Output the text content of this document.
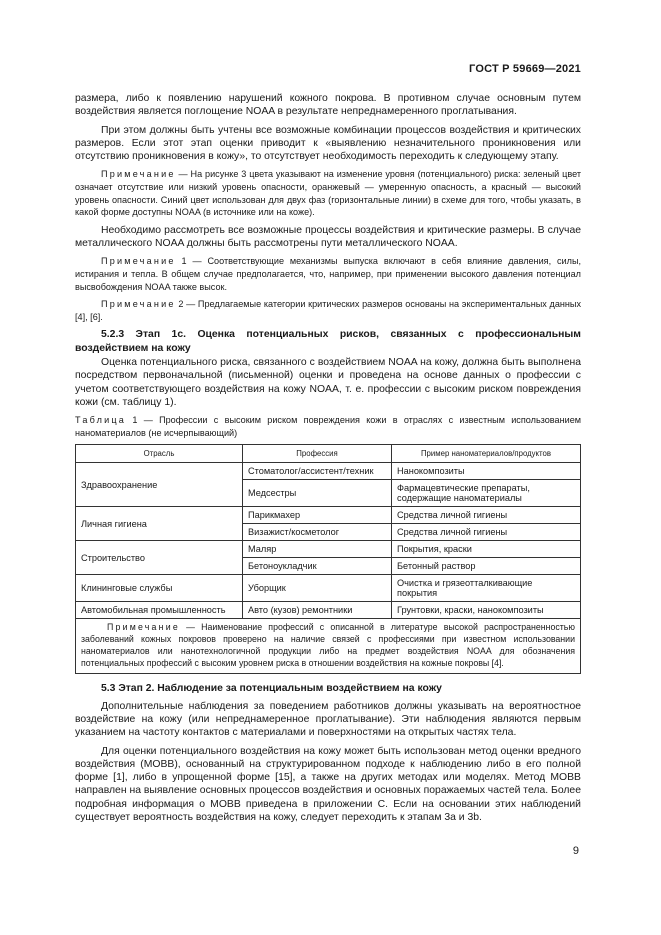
ГОСТ Р 59669—2021

размера, либо к появлению нарушений кожного покрова. В противном случае основным путем воздействия является поглощение NOAA в результате непреднамеренного проглатывания.

При этом должны быть учтены все возможные комбинации процессов воздействия и критических размеров. Если этот этап оценки приводит к «выявлению незначительного проникновения или отсутствию проникновения в кожу», то отсутствует необходимость переходить к следующему этапу.

Примечание — На рисунке 3 цвета указывают на изменение уровня (потенциального) риска: зеленый цвет означает отсутствие или низкий уровень опасности, оранжевый — умеренную опасность, а красный — высокий уровень опасности. Синий цвет использован для двух фаз (горизонтальные линии) в схеме для того, чтобы указать, в какой форме доступны NOAA (в источнике или на коже).

Необходимо рассмотреть все возможные процессы воздействия и критические размеры. В случае металлического NOAA должны быть рассмотрены пути металлического NOAA.

Примечание 1 — Соответствующие механизмы выпуска включают в себя влияние давления, силы, истирания и тепла. В общем случае предполагается, что, например, при применении высокого давления потенциал высвобождения NOAA также высок.

Примечание 2 — Предлагаемые категории критических размеров основаны на экспериментальных данных [4], [6].

5.2.3 Этап 1с. Оценка потенциальных рисков, связанных с профессиональным воздействием на кожу

Оценка потенциального риска, связанного с воздействием NOAA на кожу, должна быть выполнена посредством первоначальной (письменной) оценки и проведена на основе данных о профессии с учетом соответствующего воздействия на кожу NOAA, т. е. профессии с высоким риском повреждения кожи (см. таблицу 1).

Таблица 1 — Профессии с высоким риском повреждения кожи в отраслях с известным использованием наноматериалов (не исчерпывающий)

Отрасль	Профессия	Пример наноматериалов/продуктов
Здравоохранение	Стоматолог/ассистент/техник	Нанокомпозиты
	Медсестры	Фармацевтические препараты, содержащие наноматериалы
Личная гигиена	Парикмахер	Средства личной гигиены
	Визажист/косметолог	Средства личной гигиены
Строительство	Маляр	Покрытия, краски
	Бетоноукладчик	Бетонный раствор
Клининговые службы	Уборщик	Очистка и грязеотталкивающие покрытия
Автомобильная промышленность	Авто (кузов) ремонтники	Грунтовки, краски, нанокомпозиты
Примечание — Наименование профессий с описанной в литературе высокой распространенностью заболеваний кожных покровов проверено на наличие связей с профессиями при известном использовании наноматериалов или нанотехнологичной продукции либо на предмет воздействия NOAA для обозначения потенциальных профессий с высоким уровнем риска в отношении воздействия на кожные покровы [4].		

5.3 Этап 2. Наблюдение за потенциальным воздействием на кожу

Дополнительные наблюдения за поведением работников должны указывать на вероятностное воздействие на кожу (или непреднамеренное проглатывание). Эти наблюдения являются первым указанием на частоту контактов с материалами и поверхностями на открытых частях тела.

Для оценки потенциального воздействия на кожу может быть использован метод оценки вредного воздействия (МОВВ), основанный на структурированном подходе к наблюдению либо в его полной форме [1], либо в упрощенной форме [15], а также на других методах или моделях. Метод МОВВ направлен на выявление основных процессов воздействия и основных поражаемых частей тела. Более подробная информация о МОВВ приведена в приложении С. Если на основании этих наблюдений существует вероятность воздействия на кожу, следует переходить к этапам 3а и 3b.

9
